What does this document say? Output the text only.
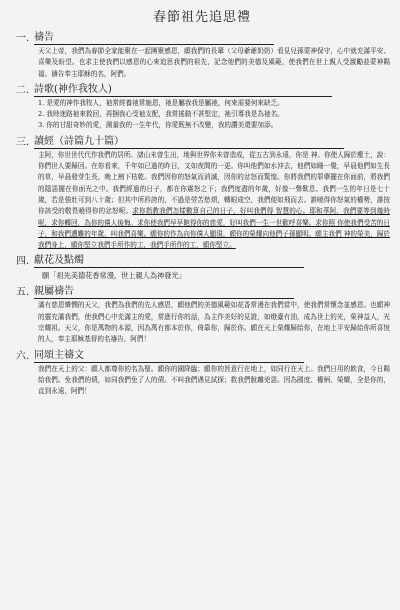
春節祖先追思禮
一. 禱告

天父上帝，我們為春節全家能聚在一起團聚感恩，願我們的長輩（父母爺爺奶奶）看見兒孫蒙神保守，心中就充滿平安、喜樂及盼望。也求主使我們以感恩的心來追思我們的祖先，記念他們的美德及風範，使我們在世上親人受激勵並蒙神賜福。禱告奉主耶穌的名，阿們。

二. 詩歌(神作我牧人)

1. 是愛的神作我牧人，祂常經養祂常施恩，祂是屬我我是屬祂，何來需要何來缺乏。

2. 我時迷路祂來救回，再捆我心受祂支配，我常搖動不甚堅定，祂引導我是為祂名。

3. 你的甘甜奇妙的愛，測量我的一生年代，你愛既無不改變，我的讚美還要加添。

三. 讀經（詩篇九十篇）

主阿，你世世代代作我們的居所。諸山未曾生出，地與世界你未曾造成，從五古到永遠，你是 神。你使人歸於塵土，說：你們世人要歸回。在你看來，千年如已過的昨日，又如夜間的一更。你叫他們如水沖去，他們如睡一覺，早晨他們如生長的草，早晨發芽生長，晚上割下枯乾。我們因你的怒氣而消滅，因你的忿怒而驚惶。你將我們的罪孽擺在你面前，將我們的隱惡擺在你面光之中。我們經過的日子，都在你震怒之下；我們度盡的年歲，好像一聲歎息。我們一生的年日是七十歲，若是強壯可到八十歲；但其中所矜誇的，不過是勞苦愁煩，轉眼成空，我們便如飛而去。誰曉得你怒氣的權勢，誰按 你該受的敬畏曉得你的忿怒呢。求你指教我們怎樣數算自己的日子，好叫我們得 智慧的心。耶和華阿，我們要等到幾時呢，求你轉回，為你的僕人後悔。求你使我們早早飽得你的慈愛，好叫我們一生一世歡呼喜樂。求你照 你使我們受苦的日子，和我們遭難的年歲，叫我們喜樂。願你的作為向你僕人顯現，願你的榮耀向他們子孫顯明。願主我們 神的榮美，歸於我們身上，願你堅立我們手所作的工，我們手所作的工，願你堅立。

四. 獻花及點燭
願「祖先美德花香常漫，世上親人為神發光」
五. 親屬禱告

滿有慈恩憐憫的天父，我們為我們的先人感恩，願他們的美德風範如花香常漫在我們當中，使我們常懷念並感恩。也願神的靈充滿我們，使我們心中充滿主的愛，常進行你的話，為主作美好的見證，如燈臺有油，成為世上的光，榮神益人，光宗耀祖。天父，你是萬物的本源，因為萬有都本於你，倚靠你，歸於你。願在天上榮耀歸給你，在地上平安歸給你所喜悅的人，奉主耶穌基督的名禱告，阿們！

六. 同頌主禱文

我們在天上的父：願人都尊你的名為聖。願你的國降臨；願你的旨意行在地上，如同行在天上。我們日用的飲食，今日賜給我們。免我們的債，如同我們免了人的債。不叫我們遇見試探；救我們脫離兇惡。因為國度、權柄、榮耀，全是你的，直到永遠，阿們！
